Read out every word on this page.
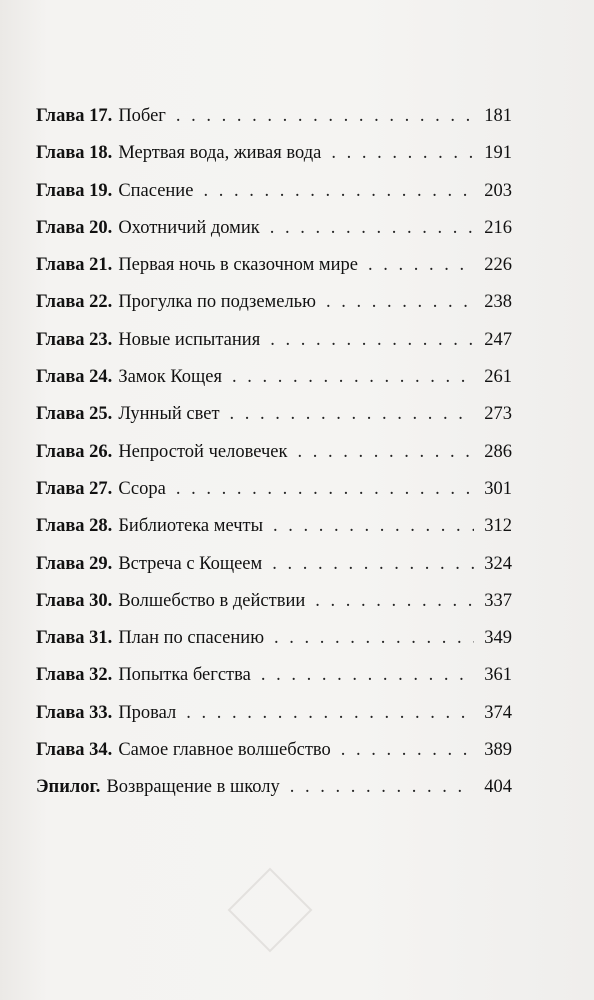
Глава 17. Побег . . .	181
Глава 18. Мертвая вода, живая вода . . .	191
Глава 19. Спасение . . .	203
Глава 20. Охотничий домик . . .	216
Глава 21. Первая ночь в сказочном мире . . .	226
Глава 22. Прогулка по подземелью . . .	238
Глава 23. Новые испытания . . .	247
Глава 24. Замок Кощея . . .	261
Глава 25. Лунный свет . . .	273
Глава 26. Непростой человечек . . .	286
Глава 27. Ссора . . .	301
Глава 28. Библиотека мечты . . .	312
Глава 29. Встреча с Кощеем . . .	324
Глава 30. Волшебство в действии . . .	337
Глава 31. План по спасению . . .	349
Глава 32. Попытка бегства . . .	361
Глава 33. Провал . . .	374
Глава 34. Самое главное волшебство . . .	389
Эпилог. Возвращение в школу . . .	404
